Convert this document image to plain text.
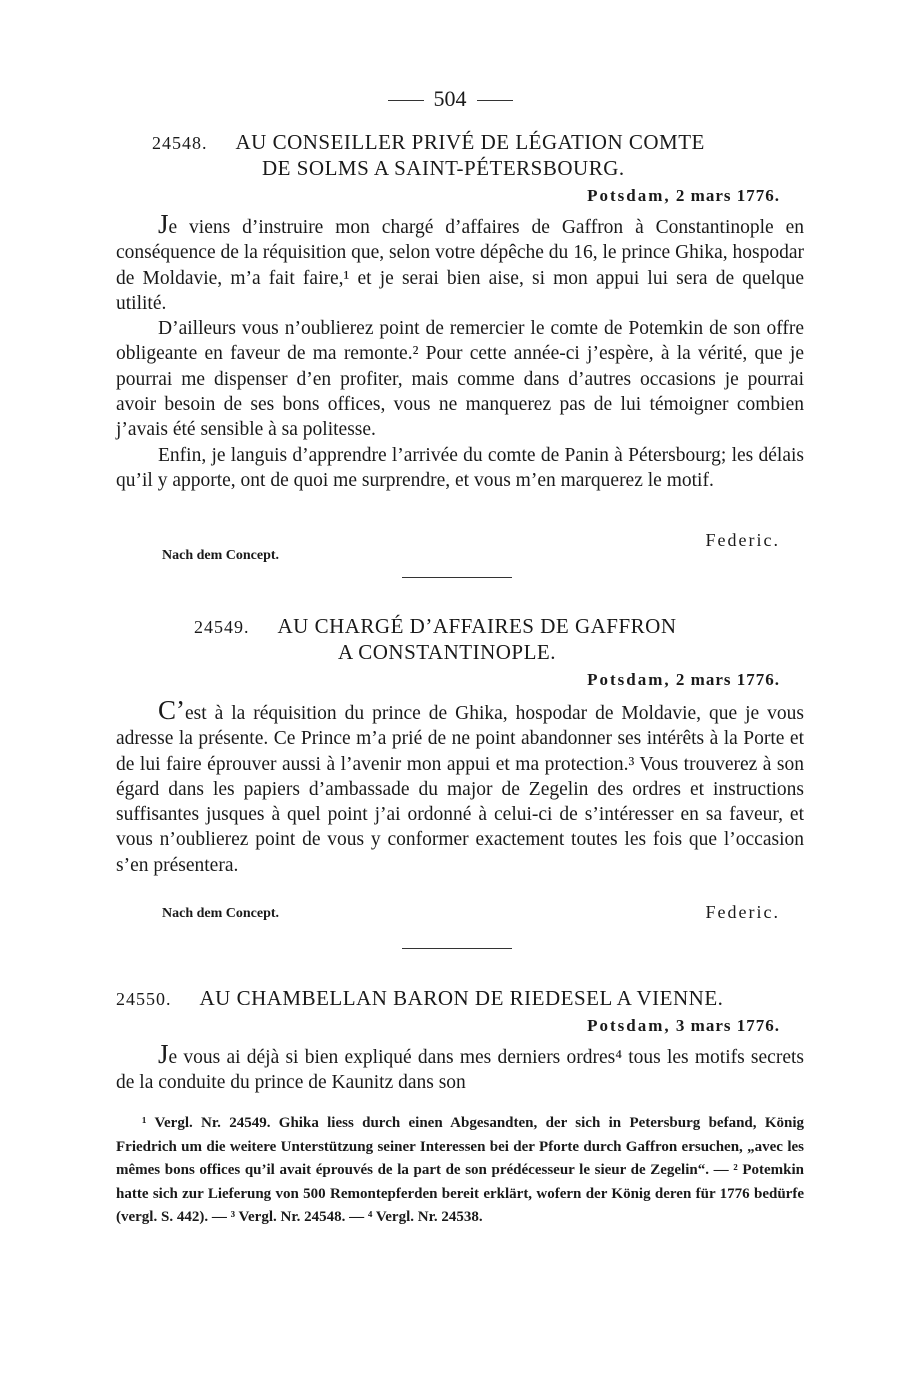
504
24548. AU CONSEILLER PRIVÉ DE LÉGATION COMTE
DE SOLMS A SAINT-PÉTERSBOURG.
Potsdam, 2 mars 1776.

Je viens d’instruire mon chargé d’affaires de Gaffron à Constantinople en conséquence de la réquisition que, selon votre dépêche du 16, le prince Ghika, hospodar de Moldavie, m’a fait faire,¹ et je serai bien aise, si mon appui lui sera de quelque utilité.

D’ailleurs vous n’oublierez point de remercier le comte de Potemkin de son offre obligeante en faveur de ma remonte.² Pour cette année-ci j’espère, à la vérité, que je pourrai me dispenser d’en profiter, mais comme dans d’autres occasions je pourrai avoir besoin de ses bons offices, vous ne manquerez pas de lui témoigner combien j’avais été sensible à sa politesse.

Enfin, je languis d’apprendre l’arrivée du comte de Panin à Pétersbourg; les délais qu’il y apporte, ont de quoi me surprendre, et vous m’en marquerez le motif.

Federic.
Nach dem Concept.
24549. AU CHARGÉ D’AFFAIRES DE GAFFRON
A CONSTANTINOPLE.
Potsdam, 2 mars 1776.

C’est à la réquisition du prince de Ghika, hospodar de Moldavie, que je vous adresse la présente. Ce Prince m’a prié de ne point abandonner ses intérêts à la Porte et de lui faire éprouver aussi à l’avenir mon appui et ma protection.³ Vous trouverez à son égard dans les papiers d’ambassade du major de Zegelin des ordres et instructions suffisantes jusques à quel point j’ai ordonné à celui-ci de s’intéresser en sa faveur, et vous n’oublierez point de vous y conformer exactement toutes les fois que l’occasion s’en présentera.

Nach dem Concept.	Federic.
24550. AU CHAMBELLAN BARON DE RIEDESEL A VIENNE.
Potsdam, 3 mars 1776.

Je vous ai déjà si bien expliqué dans mes derniers ordres⁴ tous les motifs secrets de la conduite du prince de Kaunitz dans son

¹ Vergl. Nr. 24549. Ghika liess durch einen Abgesandten, der sich in Petersburg befand, König Friedrich um die weitere Unterstützung seiner Interessen bei der Pforte durch Gaffron ersuchen, „avec les mêmes bons offices qu’il avait éprouvés de la part de son prédécesseur le sieur de Zegelin“. — ² Potemkin hatte sich zur Lieferung von 500 Remontepferden bereit erklärt, wofern der König deren für 1776 bedürfe (vergl. S. 442). — ³ Vergl. Nr. 24548. — ⁴ Vergl. Nr. 24538.
